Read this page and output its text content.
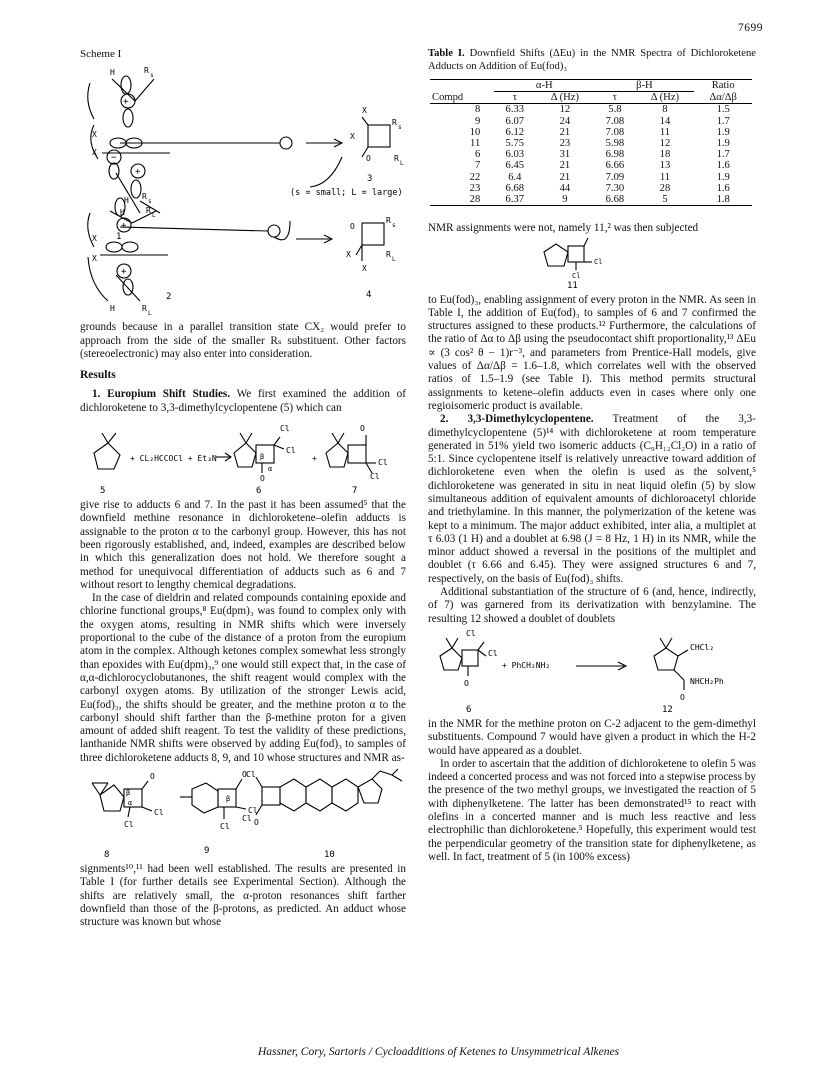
7699
Scheme I
H	R
s
+
X
X
−
+
H	R
L
1
X
X
R
s
O	R
L
3
H R
s
+
X
X
+
H	R
L
2
O
R
s
X
X
R
L
4
(s = small; L = large)

grounds because in a parallel transition state CX₂ would prefer to approach from the side of the smaller Rₛ substituent. Other factors (stereoelectronic) may also enter into consideration.

Results

1. Europium Shift Studies. We first examined the addition of dichloroketene to 3,3-dimethylcyclopentene (5) which can

+ CL₂HCCOCl + Et₃N
Cl
Cl
O
β
α
+
O
Cl
Cl
5	6	7

give rise to adducts 6 and 7. In the past it has been assumed⁵ that the downfield methine resonance in dichloroketene–olefin adducts is assignable to the proton α to the carbonyl group. However, this has not been rigorously established, and, indeed, examples are described below in which this generalization does not hold. We therefore sought a method for unequivocal differentiation of adducts such as 6 and 7 without resort to lengthy chemical degradations.

In the case of dieldrin and related compounds containing epoxide and chlorine functional groups,⁸ Eu(dpm)₃ was found to complex only with the oxygen atoms, resulting in NMR shifts which were inversely proportional to the cube of the distance of a proton from the europium atom in the complex. Although ketones complex somewhat less strongly than epoxides with Eu(dpm)₃,⁹ one would still expect that, in the case of α,α-dichlorocyclobutanones, the shift reagent would complex with the carbonyl oxygen atoms. By utilization of the stronger Lewis acid, Eu(fod)₃, the shifts should be greater, and the methine proton α to the carbonyl should shift farther than the β-methine proton for a given amount of added shift reagent. To test the validity of these predictions, lanthanide NMR shifts were observed by adding Eu(fod)₃ to samples of three dichloroketene adducts 8, 9, and 10 whose structures and NMR as-

O
Cl
Cl
α
β
O
Cl
Cl
β
Cl
Cl O
8	9	10

signments¹⁰,¹¹ had been well established. The results are presented in Table I (for further details see Experimental Section). Although the shifts are relatively small, the α-proton resonances shift farther downfield than those of the β-protons, as predicted. An adduct whose structure was known but whose

Table I. Downfield Shifts (ΔEu) in the NMR Spectra of Dichloroketene Adducts on Addition of Eu(fod)₃
	α-H		β-H		Ratio
Compd	τ	Δ (Hz)	τ	Δ (Hz)	Δα/Δβ
8	6.33	12	5.8	8	1.5
9	6.07	24	7.08	14	1.7
10	6.12	21	7.08	11	1.9
11	5.75	23	5.98	12	1.9
6	6.03	31	6.98	18	1.7
7	6.45	21	6.66	13	1.6
22	6.4	21	7.09	11	1.9
23	6.68	44	7.30	28	1.6
28	6.37	9	6.68	5	1.8

NMR assignments were not, namely 11,² was then subjected

Cl
Cl
11

to Eu(fod)₃, enabling assignment of every proton in the NMR. As seen in Table I, the addition of Eu(fod)₃ to samples of 6 and 7 confirmed the structures assigned to these products.¹² Furthermore, the calculations of the ratio of Δα to Δβ using the pseudocontact shift proportionality,¹³ ΔEu ∝ (3 cos² θ − 1)r⁻³, and parameters from Prentice-Hall models, give values of Δα/Δβ = 1.6–1.8, which correlates well with the observed ratios of 1.5–1.9 (see Table I). This method permits structural assignments to ketene–olefin adducts even in cases where only one regioisomeric product is available.

2. 3,3-Dimethylcyclopentene. Treatment of the 3,3-dimethylcyclopentene (5)¹⁴ with dichloroketene at room temperature generated in 51% yield two isomeric adducts (C₉H₁₂Cl₂O) in a ratio of 5:1. Since cyclopentene itself is relatively unreactive toward addition of dichloroketene even when the olefin is used as the solvent,⁵ dichloroketene was generated in situ in neat liquid olefin (5) by slow simultaneous addition of equivalent amounts of dichloroacetyl chloride and triethylamine. In this manner, the polymerization of the ketene was kept to a minimum. The major adduct exhibited, inter alia, a multiplet at τ 6.03 (1 H) and a doublet at 6.98 (J = 8 Hz, 1 H) in its NMR, while the minor adduct showed a reversal in the positions of the multiplet and doublet (τ 6.66 and 6.45). They were assigned structures 6 and 7, respectively, on the basis of Eu(fod)₃ shifts.

Additional substantiation of the structure of 6 (and, hence, indirectly, of 7) was garnered from its derivatization with benzylamine. The resulting 12 showed a doublet of doublets

Cl
Cl
O
+ PhCH₂NH₂
CHCl₂
NHCH₂Ph
O
6	12

in the NMR for the methine proton on C-2 adjacent to the gem-dimethyl substituents. Compound 7 would have given a product in which the H-2 would have appeared as a doublet.

In order to ascertain that the addition of dichloroketene to olefin 5 was indeed a concerted process and was not forced into a stepwise process by the presence of the two methyl groups, we investigated the reaction of 5 with diphenylketene. The latter has been demonstrated¹⁵ to react with olefins in a concerted manner and is much less reactive and less electrophilic than dichloroketene.⁵ Hopefully, this experiment would test the perpendicular geometry of the transition state for diphenylketene, as well. In fact, treatment of 5 (in 100% excess)

Hassner, Cory, Sartoris / Cycloadditions of Ketenes to Unsymmetrical Alkenes
